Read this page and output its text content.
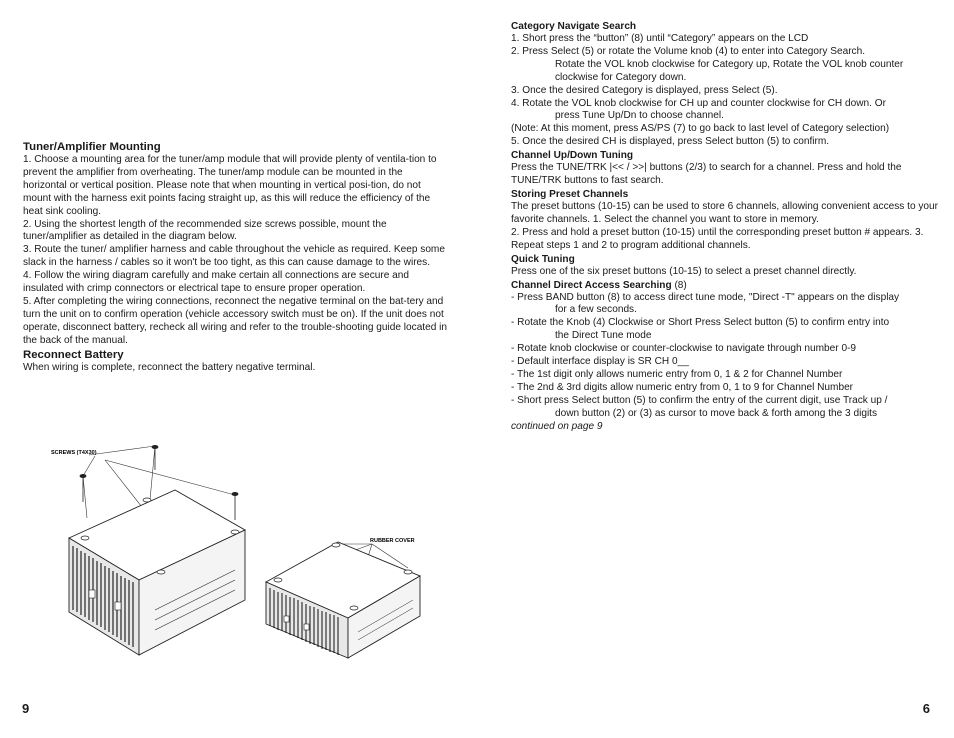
Tuner/Amplifier Mounting

1. Choose a mounting area for the tuner/amp module that will provide plenty of ventila-tion to prevent the amplifier from overheating. The tuner/amp module can be mounted in the horizontal or vertical position. Please note that when mounting in vertical posi-tion, do not mount with the harness exit points facing straight up, as this will reduce the efficiency of the heat sink cooling.

2. Using the shortest length of the recommended size screws possible, mount the tuner/amplifier as detailed in the diagram below.

3. Route the tuner/ amplifier harness and cable throughout the vehicle as required. Keep some slack in the harness / cables so it won't be too tight, as this can cause damage to the wires.

4. Follow the wiring diagram carefully and make certain all connections are secure and insulated with crimp connectors or electrical tape to ensure proper operation.

5. After completing the wiring connections, reconnect the negative terminal on the bat-tery and turn the unit on to confirm operation (vehicle accessory switch must be on). If the unit does not operate, disconnect battery, recheck all wiring and refer to the trouble-shooting guide located in the back of the manual.

Reconnect Battery

When wiring is complete, reconnect the battery negative terminal.

SCREWS (T4X30)
RUBBER COVER
9
Category Navigate Search

1. Short press the “button” (8) until “Category” appears on the LCD

2. Press Select (5) or rotate the Volume knob (4) to enter into Category Search.

Rotate the VOL knob clockwise for Category up, Rotate the VOL knob counter clockwise for Category down.

3. Once the desired Category is displayed, press Select (5).

4. Rotate the VOL knob clockwise for CH up and counter clockwise for CH down. Or

press Tune Up/Dn to choose channel.

(Note: At this moment, press AS/PS (7) to go back to last level of Category selection)

5. Once the desired CH is displayed, press Select button (5) to confirm.

Channel Up/Down Tuning

Press the TUNE/TRK |<< / >>| buttons (2/3) to search for a channel. Press and hold the TUNE/TRK buttons to fast search.

Storing Preset Channels

The preset buttons (10-15) can be used to store 6 channels, allowing convenient access to your favorite channels. 1. Select the channel you want to store in memory.

2. Press and hold a preset button (10-15) until the corresponding preset button # appears. 3. Repeat steps 1 and 2 to program additional channels.

Quick Tuning

Press one of the six preset buttons (10-15) to select a preset channel directly.

Channel Direct Access Searching (8)

- Press BAND button (8) to access direct tune mode, "Direct -T" appears on the display
for a few seconds.

- Rotate the Knob (4) Clockwise or Short Press Select button (5) to confirm entry into
the Direct Tune mode

- Rotate knob clockwise or counter-clockwise to navigate through number 0-9

- Default interface display is SR CH 0__

- The 1st digit only allows numeric entry from 0, 1 & 2 for Channel Number

- The 2nd & 3rd digits allow numeric entry from 0, 1 to 9 for Channel Number

- Short press Select button (5) to confirm the entry of the current digit, use Track up /
down button (2) or (3) as cursor to move back & forth among the 3 digits

continued on page 9

6
